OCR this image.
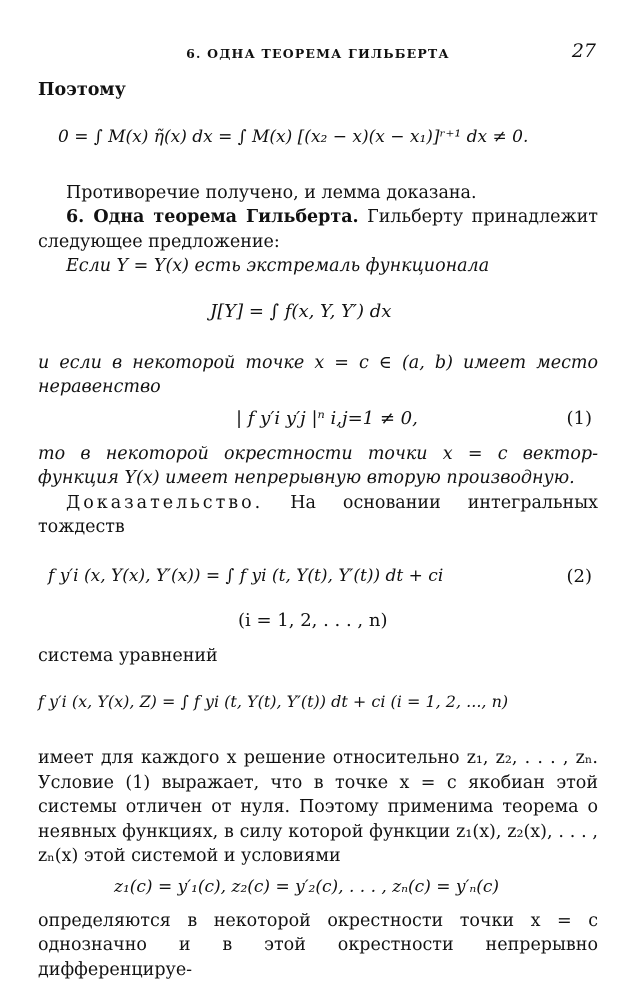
6. ОДНА ТЕОРЕМА ГИЛЬБЕРТА	27

Поэтому

0 = ∫ M(x) η̃(x) dx = ∫ M(x) [(x₂ − x)(x − x₁)]ʳ⁺¹ dx ≠ 0.

Противоречие получено, и лемма доказана.

6. Одна теорема Гильберта. Гильберту принадлежит следующее предложение:

Если Y = Y(x) есть экстремаль функционала

J[Y] = ∫ f(x, Y, Y′) dx

и если в некоторой точке x = c ∈ (a, b) имеет место неравенство

| f y′i y′j |ⁿ i,j=1 ≠ 0,	(1)

то в некоторой окрестности точки x = c вектор-функция Y(x) имеет непрерывную вторую производную.

Доказательство. На основании интегральных тождеств

f y′i (x, Y(x), Y′(x)) = ∫ f yi (t, Y(t), Y′(t)) dt + ci	(2)
(i = 1, 2, . . . , n)

система уравнений

f y′i (x, Y(x), Z) = ∫ f yi (t, Y(t), Y′(t)) dt + ci (i = 1, 2, ..., n)

имеет для каждого x решение относительно z₁, z₂, . . . , zₙ. Условие (1) выражает, что в точке x = c якобиан этой системы отличен от нуля. Поэтому применима теорема о неявных функциях, в силу которой функции z₁(x), z₂(x), . . . , zₙ(x) этой системой и условиями

z₁(c) = y′₁(c), z₂(c) = y′₂(c), . . . , zₙ(c) = y′ₙ(c)

определяются в некоторой окрестности точки x = c однозначно и в этой окрестности непрерывно дифференцируе-
